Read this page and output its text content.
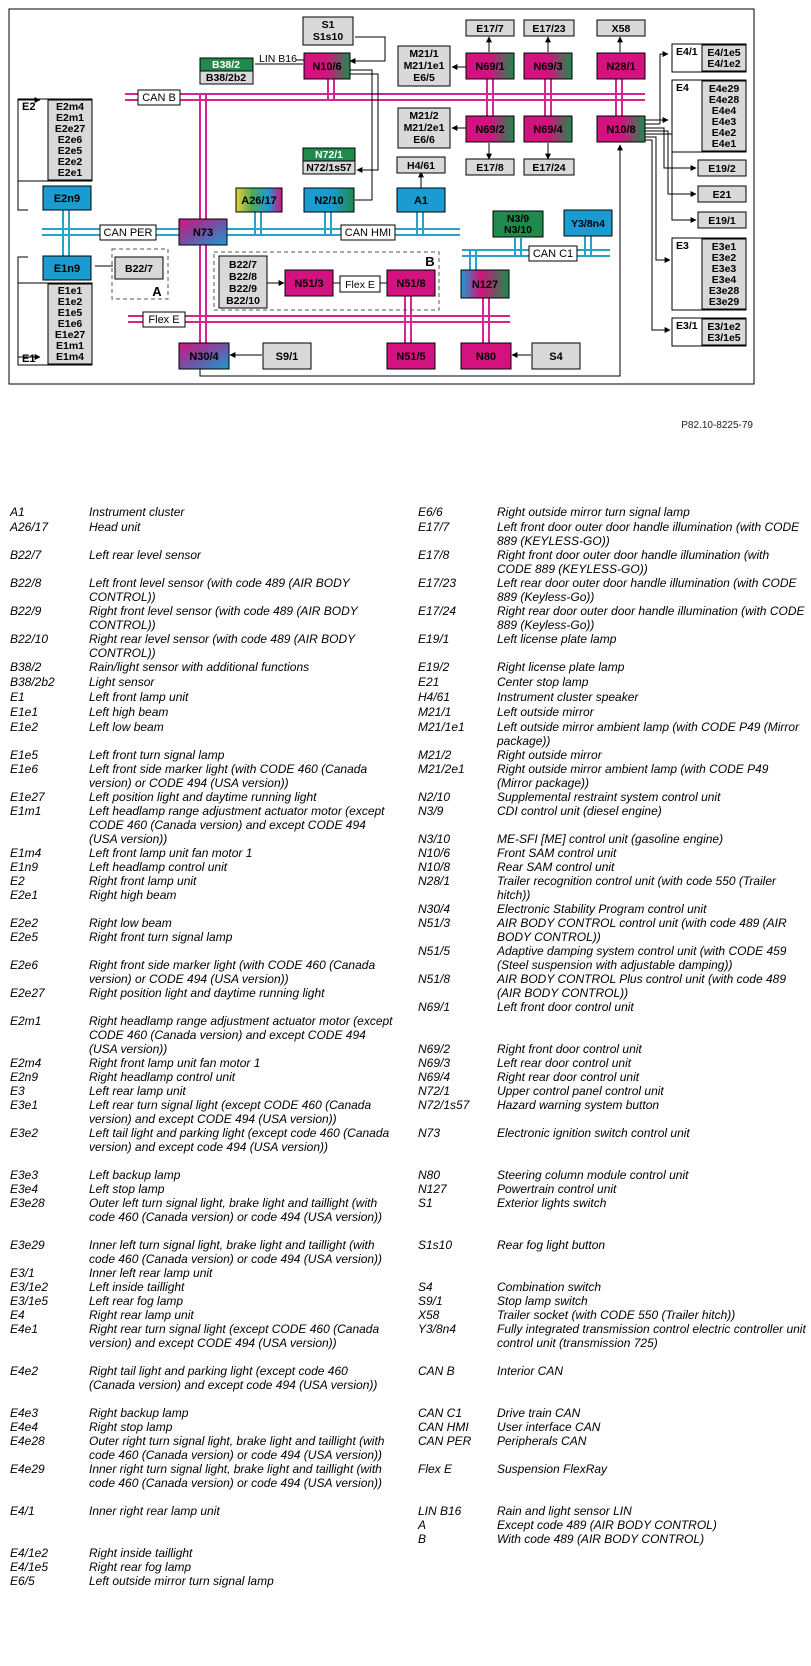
A
B
E2 E2m4
E2m1
E2e27
E2e6
E2e5
E2e2
E2e1
E1
E1e1
E1e2
E1e5
E1e6
E1e27
E1m1
E1m4
E4/1 E4/1e5
E4/1e2
E4 E4e29
E4e28
E4e4
E4e3
E4e2
E4e1
E3 E3e1
E3e2
E3e3
E3e4
E3e28
E3e29
E3/1 E3/1e2
E3/1e5
E19/2
E21
E19/1
S1
S1s10
B38/2
B38/2b2
LIN B16
N72/1
N72/1s57	H4/61
M21/1
M21/1e1
E6/5
M21/2
M21/2e1
E6/6
E17/7	E17/23	X58
E17/8	E17/24
N10/6	N69/1	N69/3	N28/1
N69/2	N69/4	N10/8
E2n9
E1n9
N73
A26/17	N2/10	A1
N3/9
N3/10	Y3/8n4
B22/7	B22/7
B22/8
B22/9
B22/10
N51/3 Flex E N51/8	N127
N30/4	S9/1	N51/5	N80	S4
CAN B
CAN PER	CAN HMI
CAN C1
Flex E
P82.10-8225-79
A1	Instrument cluster
A26/17	Head unit
B22/7	Left rear level sensor
B22/8	Left front level sensor (with code 489 (AIR BODY CONTROL))
B22/9	Right front level sensor (with code 489 (AIR BODY CONTROL))
B22/10	Right rear level sensor (with code 489 (AIR BODY CONTROL))
B38/2	Rain/light sensor with additional functions
B38/2b2	Light sensor
E1	Left front lamp unit
E1e1	Left high beam
E1e2	Left low beam
E1e5	Left front turn signal lamp
E1e6	Left front side marker light (with CODE 460 (Canada version) or CODE 494 (USA version))
E1e27	Left position light and daytime running light
E1m1	Left headlamp range adjustment actuator motor (except CODE 460 (Canada version) and except CODE 494 (USA version))
E1m4	Left front lamp unit fan motor 1
E1n9	Left headlamp control unit
E2	Right front lamp unit
E2e1	Right high beam
E2e2	Right low beam
E2e5	Right front turn signal lamp
E2e6	Right front side marker light (with CODE 460 (Canada version) or CODE 494 (USA version))
E2e27	Right position light and daytime running light
E2m1	Right headlamp range adjustment actuator motor (except CODE 460 (Canada version) and except CODE 494 (USA version))
E2m4	Right front lamp unit fan motor 1
E2n9	Right headlamp control unit
E3	Left rear lamp unit
E3e1	Left rear turn signal light (except CODE 460 (Canada version) and except CODE 494 (USA version))
E3e2	Left tail light and parking light (except code 460 (Canada version) and except code 494 (USA version))
E3e3	Left backup lamp
E3e4	Left stop lamp
E3e28	Outer left turn signal light, brake light and taillight (with code 460 (Canada version) or code 494 (USA version))
E3e29	Inner left turn signal light, brake light and taillight (with code 460 (Canada version) or code 494 (USA version))
E3/1	Inner left rear lamp unit
E3/1e2	Left inside taillight
E3/1e5	Left rear fog lamp
E4	Right rear lamp unit
E4e1	Right rear turn signal light (except CODE 460 (Canada version) and except CODE 494 (USA version))
E4e2	Right tail light and parking light (except code 460 (Canada version) and except code 494 (USA version))
E4e3	Right backup lamp
E4e4	Right stop lamp
E4e28	Outer right turn signal light, brake light and taillight (with code 460 (Canada version) or code 494 (USA version))
E4e29	Inner right turn signal light, brake light and taillight (with code 460 (Canada version) or code 494 (USA version))
E4/1	Inner right rear lamp unit
E4/1e2	Right inside taillight
E4/1e5	Right rear fog lamp
E6/5	Left outside mirror turn signal lamp
E6/6	Right outside mirror turn signal lamp
E17/7	Left front door outer door handle illumination (with CODE 889 (KEYLESS-GO))
E17/8	Right front door outer door handle illumination (with CODE 889 (KEYLESS-GO))
E17/23	Left rear door outer door handle illumination (with CODE 889 (Keyless-Go))
E17/24	Right rear door outer door handle illumination (with CODE 889 (Keyless-Go))
E19/1	Left license plate lamp
E19/2	Right license plate lamp
E21	Center stop lamp
H4/61	Instrument cluster speaker
M21/1	Left outside mirror
M21/1e1	Left outside mirror ambient lamp (with CODE P49 (Mirror package))
M21/2	Right outside mirror
M21/2e1	Right outside mirror ambient lamp (with CODE P49 (Mirror package))
N2/10	Supplemental restraint system control unit
N3/9	CDI control unit (diesel engine)
N3/10	ME-SFI [ME] control unit (gasoline engine)
N10/6	Front SAM control unit
N10/8	Rear SAM control unit
N28/1	Trailer recognition control unit (with code 550 (Trailer hitch))
N30/4	Electronic Stability Program control unit
N51/3	AIR BODY CONTROL control unit (with code 489 (AIR BODY CONTROL))
N51/5	Adaptive damping system control unit (with CODE 459 (Steel suspension with adjustable damping))
N51/8	AIR BODY CONTROL Plus control unit (with code 489 (AIR BODY CONTROL))
N69/1	Left front door control unit
N69/2	Right front door control unit
N69/3	Left rear door control unit
N69/4	Right rear door control unit
N72/1	Upper control panel control unit
N72/1s57	Hazard warning system button
N73	Electronic ignition switch control unit
N80	Steering column module control unit
N127	Powertrain control unit
S1	Exterior lights switch
S1s10	Rear fog light button
S4	Combination switch
S9/1	Stop lamp switch
X58	Trailer socket (with CODE 550 (Trailer hitch))
Y3/8n4	Fully integrated transmission control electric controller unit control unit (transmission 725)
CAN B	Interior CAN
CAN C1	Drive train CAN
CAN HMI	User interface CAN
CAN PER	Peripherals CAN
Flex E	Suspension FlexRay
LIN B16	Rain and light sensor LIN
A	Except code 489 (AIR BODY CONTROL)
B	With code 489 (AIR BODY CONTROL)
